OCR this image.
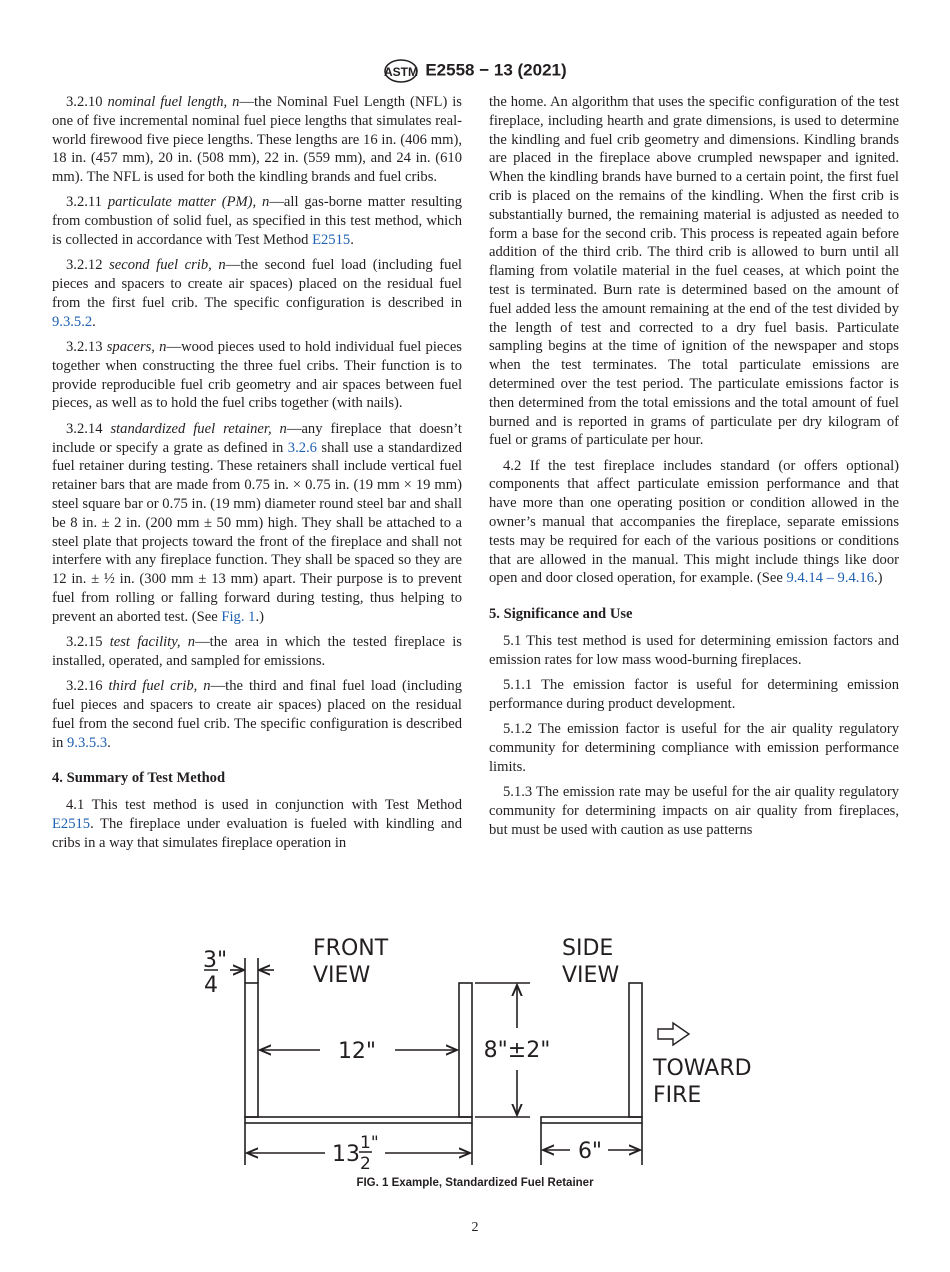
ASTM E2558 − 13 (2021)

3.2.10 nominal fuel length, n—the Nominal Fuel Length (NFL) is one of five incremental nominal fuel piece lengths that simulates real-world firewood five piece lengths. These lengths are 16 in. (406 mm), 18 in. (457 mm), 20 in. (508 mm), 22 in. (559 mm), and 24 in. (610 mm). The NFL is used for both the kindling brands and fuel cribs.

3.2.11 particulate matter (PM), n—all gas-borne matter resulting from combustion of solid fuel, as specified in this test method, which is collected in accordance with Test Method E2515.

3.2.12 second fuel crib, n—the second fuel load (including fuel pieces and spacers to create air spaces) placed on the residual fuel from the first fuel crib. The specific configuration is described in 9.3.5.2.

3.2.13 spacers, n—wood pieces used to hold individual fuel pieces together when constructing the three fuel cribs. Their function is to provide reproducible fuel crib geometry and air spaces between fuel pieces, as well as to hold the fuel cribs together (with nails).

3.2.14 standardized fuel retainer, n—any fireplace that doesn’t include or specify a grate as defined in 3.2.6 shall use a standardized fuel retainer during testing. These retainers shall include vertical fuel retainer bars that are made from 0.75 in. × 0.75 in. (19 mm × 19 mm) steel square bar or 0.75 in. (19 mm) diameter round steel bar and shall be 8 in. ± 2 in. (200 mm ± 50 mm) high. They shall be attached to a steel plate that projects toward the front of the fireplace and shall not interfere with any fireplace function. They shall be spaced so they are 12 in. ± ½ in. (300 mm ± 13 mm) apart. Their purpose is to prevent fuel from rolling or falling forward during testing, thus helping to prevent an aborted test. (See Fig. 1.)

3.2.15 test facility, n—the area in which the tested fireplace is installed, operated, and sampled for emissions.

3.2.16 third fuel crib, n—the third and final fuel load (including fuel pieces and spacers to create air spaces) placed on the residual fuel from the second fuel crib. The specific configuration is described in 9.3.5.3.

4. Summary of Test Method

4.1 This test method is used in conjunction with Test Method E2515. The fireplace under evaluation is fueled with kindling and cribs in a way that simulates fireplace operation in

the home. An algorithm that uses the specific configuration of the test fireplace, including hearth and grate dimensions, is used to determine the kindling and fuel crib geometry and dimensions. Kindling brands are placed in the fireplace above crumpled newspaper and ignited. When the kindling brands have burned to a certain point, the first fuel crib is placed on the remains of the kindling. When the first crib is substantially burned, the remaining material is adjusted as needed to form a base for the second crib. This process is repeated again before addition of the third crib. The third crib is allowed to burn until all flaming from volatile material in the fuel ceases, at which point the test is terminated. Burn rate is determined based on the amount of fuel added less the amount remaining at the end of the test divided by the length of test and corrected to a dry fuel basis. Particulate sampling begins at the time of ignition of the newspaper and stops when the test terminates. The total particulate emissions are determined over the test period. The particulate emissions factor is then determined from the total emissions and the total amount of fuel burned and is reported in grams of particulate per dry kilogram of fuel or grams of particulate per hour.

4.2 If the test fireplace includes standard (or offers optional) components that affect particulate emission performance and that have more than one operating position or condition allowed in the owner’s manual that accompanies the fireplace, separate emissions tests may be required for each of the various positions or conditions that are allowed in the manual. This might include things like door open and door closed operation, for example. (See 9.4.14 – 9.4.16.)

5. Significance and Use

5.1 This test method is used for determining emission factors and emission rates for low mass wood-burning fireplaces.

5.1.1 The emission factor is useful for determining emission performance during product development.

5.1.2 The emission factor is useful for the air quality regulatory community for determining compliance with emission performance limits.

5.1.3 The emission rate may be useful for the air quality regulatory community for determining impacts on air quality from fireplaces, but must be used with caution as use patterns

FRONT
VIEW
SIDE
VIEW
3"
4
12"	8"±2"
13 1"
2	6"
TOWARD
FIRE
FIG. 1 Example, Standardized Fuel Retainer
2
